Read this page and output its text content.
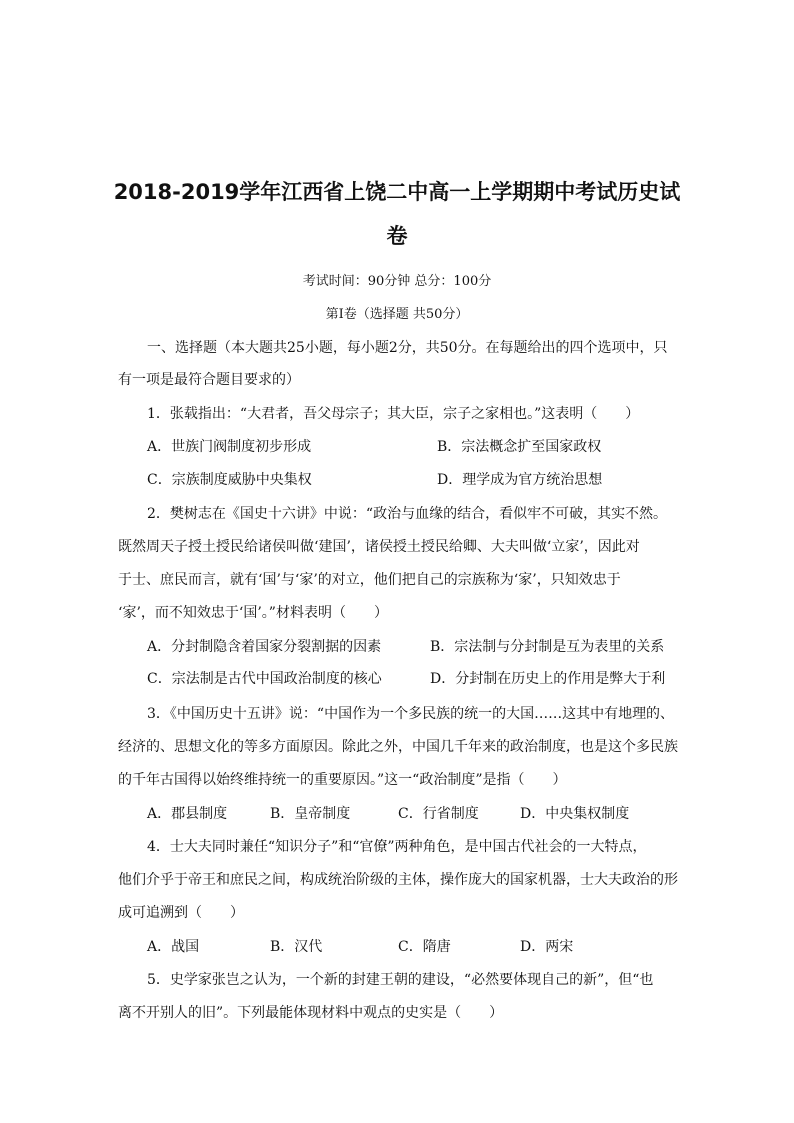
2018-2019学年江西省上饶二中高一上学期期中考试历史试
卷
考试时间：90分钟 总分：100分
第Ⅰ卷（选择题 共50分）
一、选择题（本大题共25小题，每小题2分，共50分。在每题给出的四个选项中，只
有一项是最符合题目要求的）
1．张载指出：“大君者，吾父母宗子；其大臣，宗子之家相也。”这表明（　　）
A．世族门阀制度初步形成	B．宗法概念扩至国家政权
C．宗族制度威胁中央集权	D．理学成为官方统治思想
2．樊树志在《国史十六讲》中说：“政治与血缘的结合，看似牢不可破，其实不然。
既然周天子授土授民给诸侯叫做‘建国’，诸侯授土授民给卿、大夫叫做‘立家’，因此对
于士、庶民而言，就有‘国’与‘家’的对立，他们把自己的宗族称为‘家’，只知效忠于
‘家’，而不知效忠于‘国’。”材料表明（　　）
A．分封制隐含着国家分裂割据的因素	B．宗法制与分封制是互为表里的关系
C．宗法制是古代中国政治制度的核心	D．分封制在历史上的作用是弊大于利
3．《中国历史十五讲》说：“中国作为一个多民族的统一的大国……这其中有地理的、
经济的、思想文化的等多方面原因。除此之外，中国几千年来的政治制度，也是这个多民族
的千年古国得以始终维持统一的重要原因。”这一“政治制度”是指（　　）
A．郡县制度	B．皇帝制度	C．行省制度	D．中央集权制度
4．士大夫同时兼任“知识分子”和“官僚”两种角色，是中国古代社会的一大特点，
他们介乎于帝王和庶民之间，构成统治阶级的主体，操作庞大的国家机器，士大夫政治的形
成可追溯到（　　）
A．战国	B．汉代	C．隋唐	D．两宋
5．史学家张岂之认为，一个新的封建王朝的建设，“必然要体现自己的新”，但“也
离不开别人的旧”。下列最能体现材料中观点的史实是（　　）
